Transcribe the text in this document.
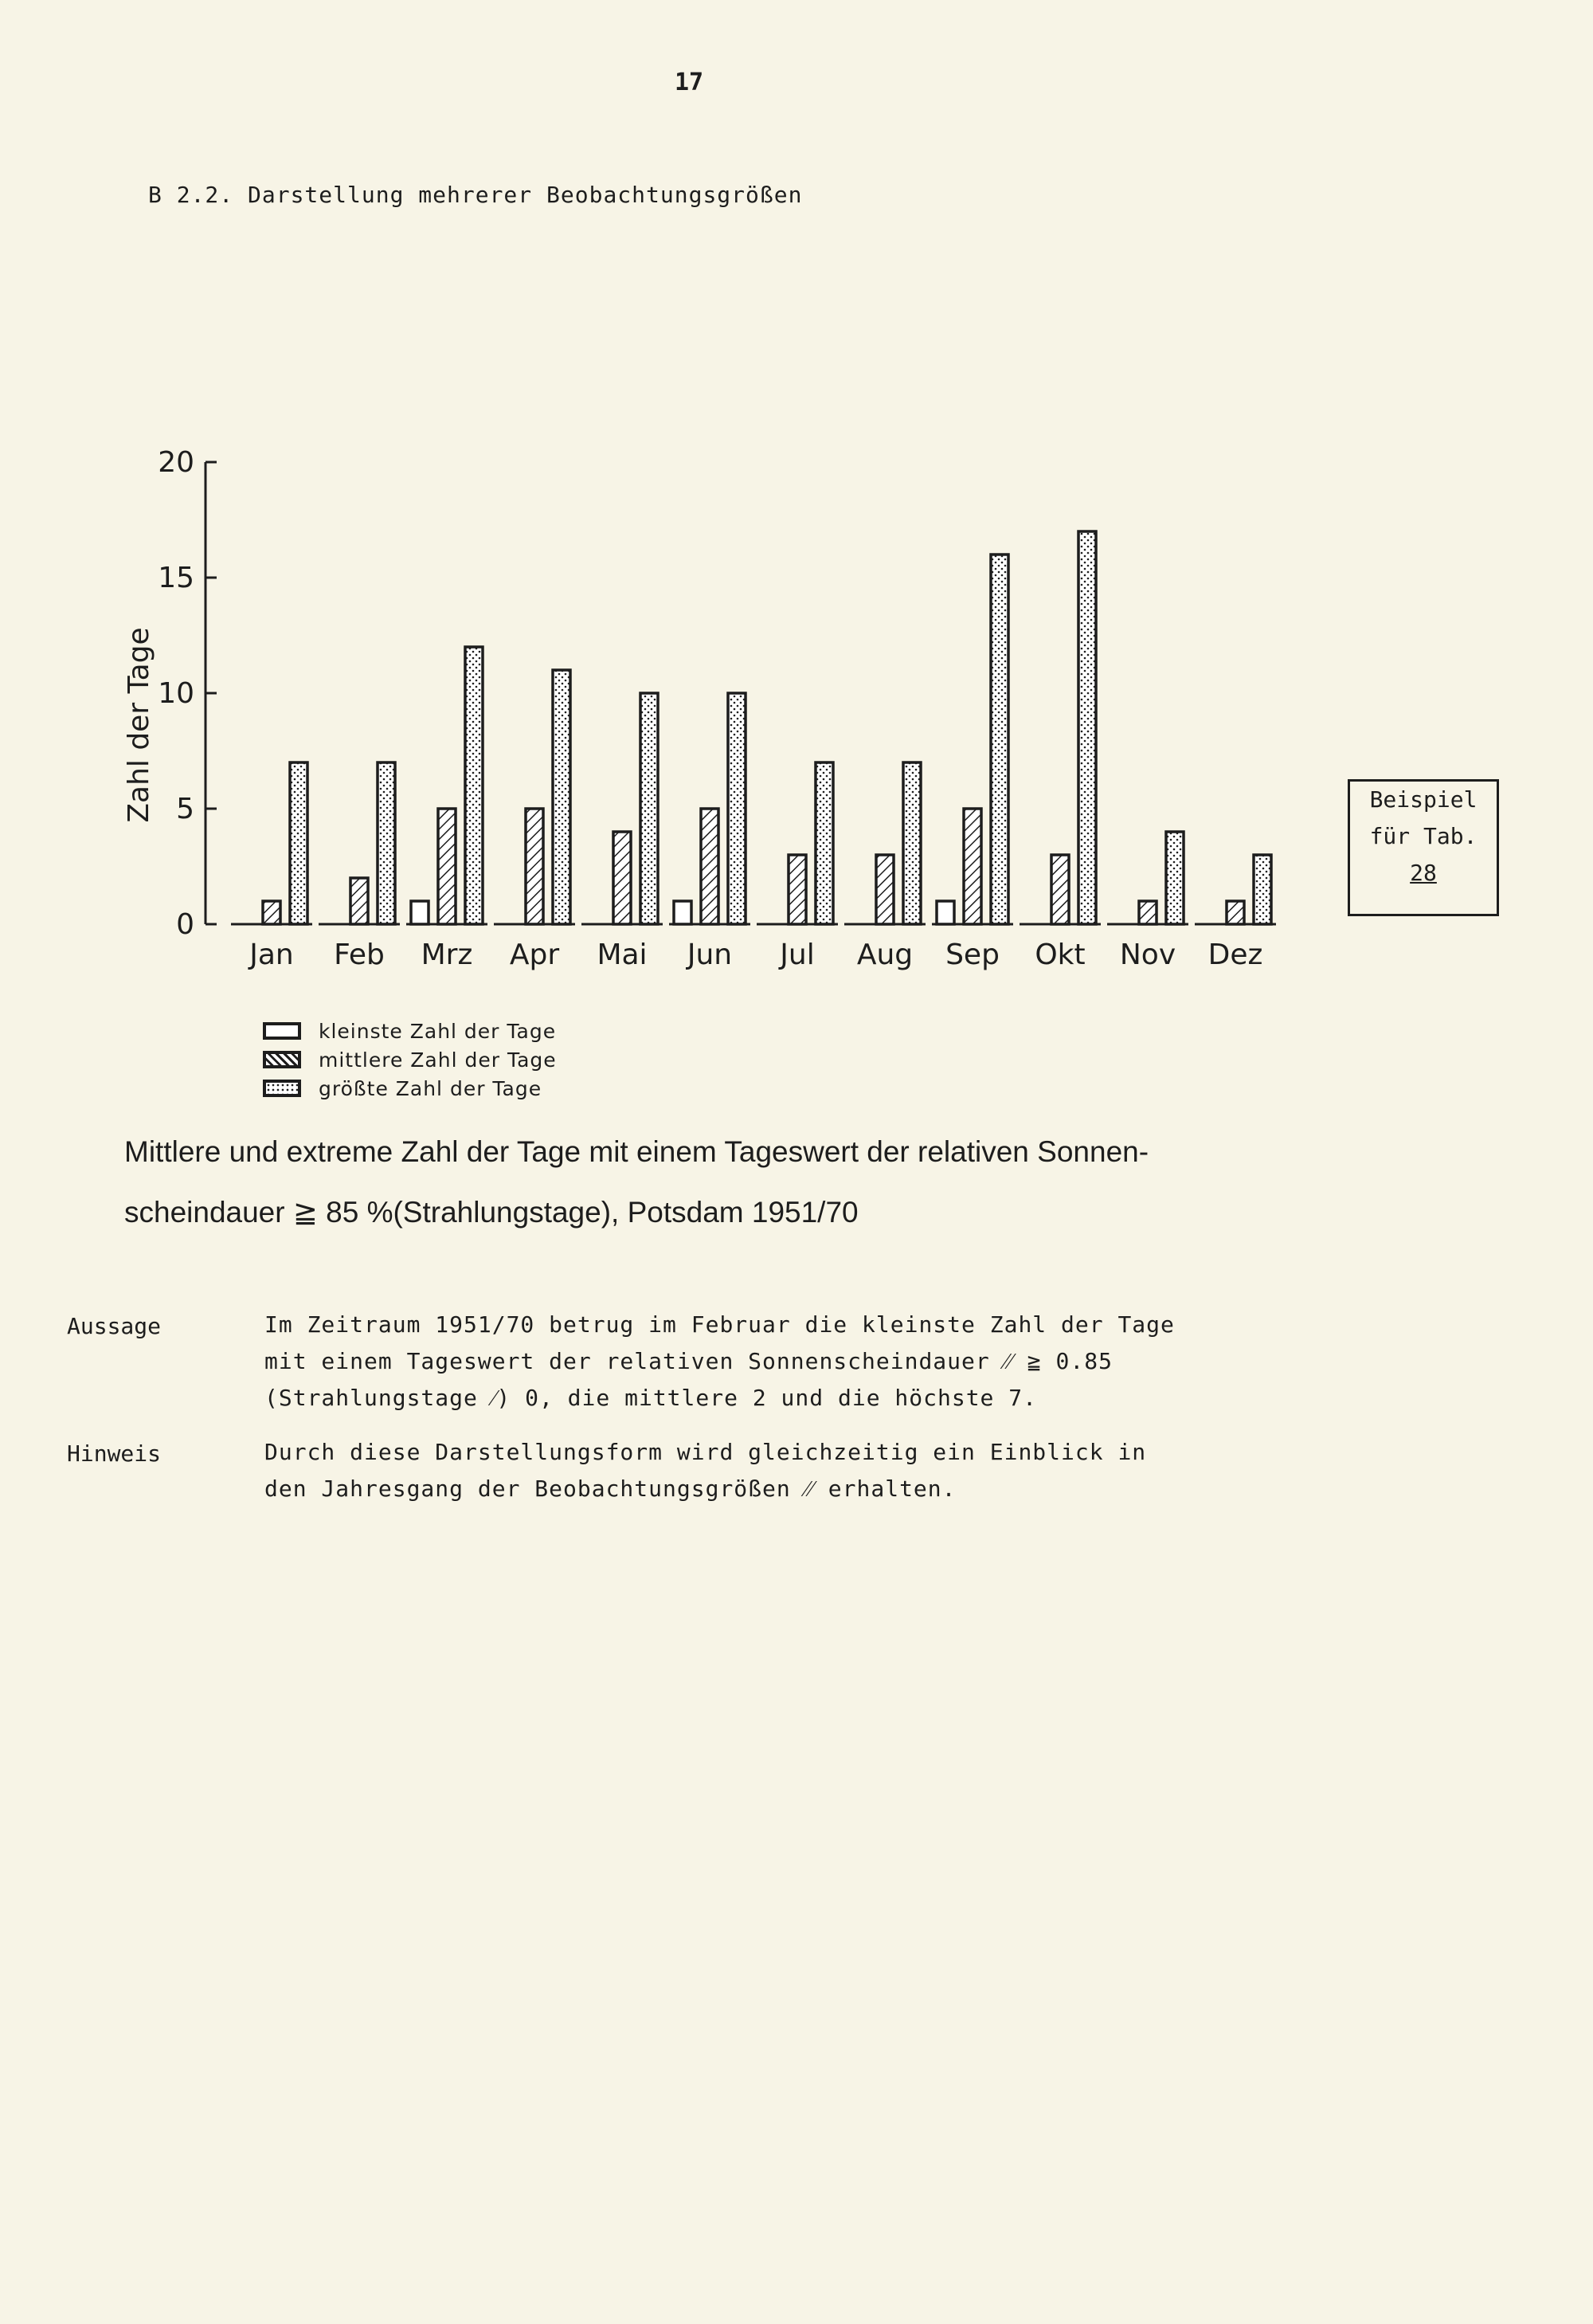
17
B 2.2. Darstellung mehrerer Beobachtungsgrößen
0
5
10
15
20
Zahl der Tage
Jan Feb Mrz Apr Mai Jun Jul Aug Sep Okt Nov Dez
kleinste Zahl der Tage
mittlere Zahl der Tage
größte Zahl der Tage
Beispiel
für Tab.
28
Mittlere und extreme Zahl der Tage mit einem Tageswert der relativen Sonnen-
scheindauer ≧ 85 %(Strahlungstage), Potsdam 1951/70
Aussage	Im Zeitraum 1951/70 betrug im Februar die kleinste Zahl der Tage
mit einem Tageswert der relativen Sonnenscheindauer ⁄⁄ ≧ 0.85
(Strahlungstage ⁄) 0, die mittlere 2 und die höchste 7.
Hinweis	Durch diese Darstellungsform wird gleichzeitig ein Einblick in
den Jahresgang der Beobachtungsgrößen ⁄⁄ erhalten.
